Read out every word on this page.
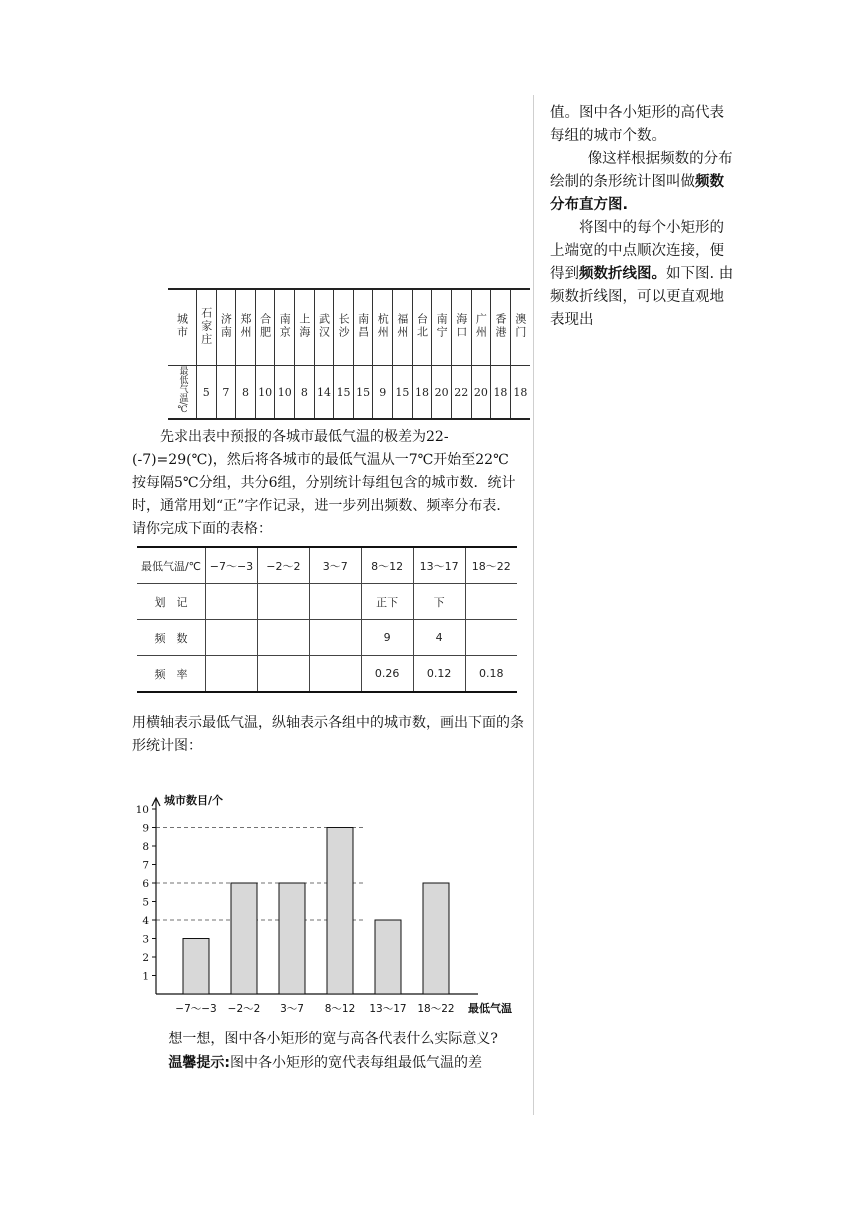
值。图中各小矩形的高代表每组的城市个数。

像这样根据频数的分布绘制的条形统计图叫做频数分布直方图.

将图中的每个小矩形的上端宽的中点顺次连接，便得到频数折线图。如下图. 由频数折线图，可以更直观地表现出

城市	石家庄	济南	郑州	合肥	南京	上海	武汉	长沙	南昌	杭州	福州	台北	南宁	海口	广州	香港	澳门
最低气温/℃	5	7	8	10	10	8	14	15	15	9	15	18	20	22	20	18	18

先求出表中预报的各城市最低气温的极差为22-(-7)=29(℃)，然后将各城市的最低气温从一7℃开始至22℃按每隔5℃分组，共分6组，分别统计每组包含的城市数．统计时，通常用划“正”字作记录，进一步列出频数、频率分布表．请你完成下面的表格：

最低气温/℃	−7～−3	−2～2	3～7	8～12	13～17	18～22
划　记				正下	下	
频　数				9	4	
频　率				0.26	0.12	0.18

用横轴表示最低气温，纵轴表示各组中的城市数，画出下面的条形统计图：

城市数目/个
1
2
3
4
5
6
7
8
9
10
−7～−3 −2～2 3～7 8～12 13～17 18～22 最低气温

想一想，图中各小矩形的宽与高各代表什么实际意义?

温馨提示:图中各小矩形的宽代表每组最低气温的差
